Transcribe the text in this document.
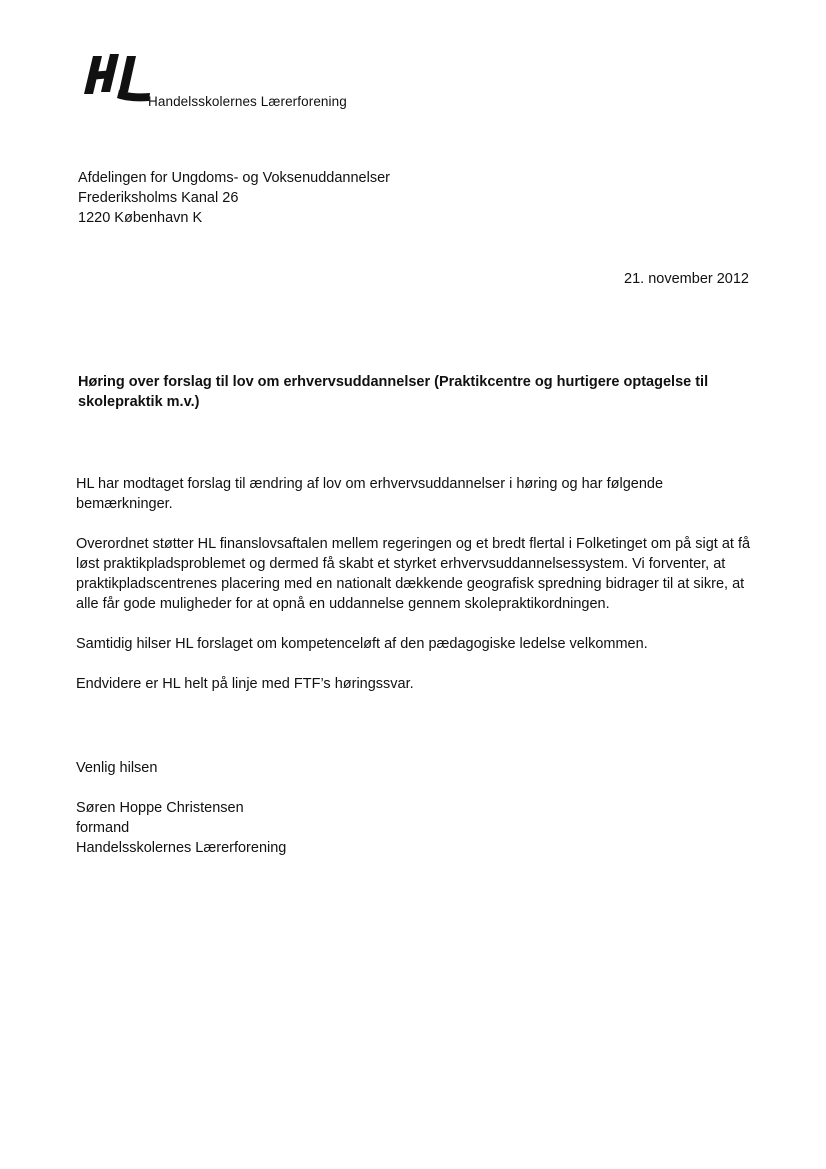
Handelsskolernes Lærerforening
Afdelingen for Ungdoms- og Voksenuddannelser
Frederiksholms Kanal 26
1220 København K
21. november 2012
Høring over forslag til lov om erhvervsuddannelser (Praktikcentre og hurtigere optagelse til skolepraktik m.v.)

HL har modtaget forslag til ændring af lov om erhvervsuddannelser i høring og har følgende bemærkninger.

Overordnet støtter HL finanslovsaftalen mellem regeringen og et bredt flertal i Folketinget om på sigt at få løst praktikpladsproblemet og dermed få skabt et styrket erhvervsuddannelsessystem. Vi forventer, at praktikpladscentrenes placering med en nationalt dækkende geografisk spredning bidrager til at sikre, at alle får gode muligheder for at opnå en uddannelse gennem skolepraktikordningen.

Samtidig hilser HL forslaget om kompetenceløft af den pædagogiske ledelse velkommen.

Endvidere er HL helt på linje med FTF’s høringssvar.

Venlig hilsen
Søren Hoppe Christensen
formand
Handelsskolernes Lærerforening
